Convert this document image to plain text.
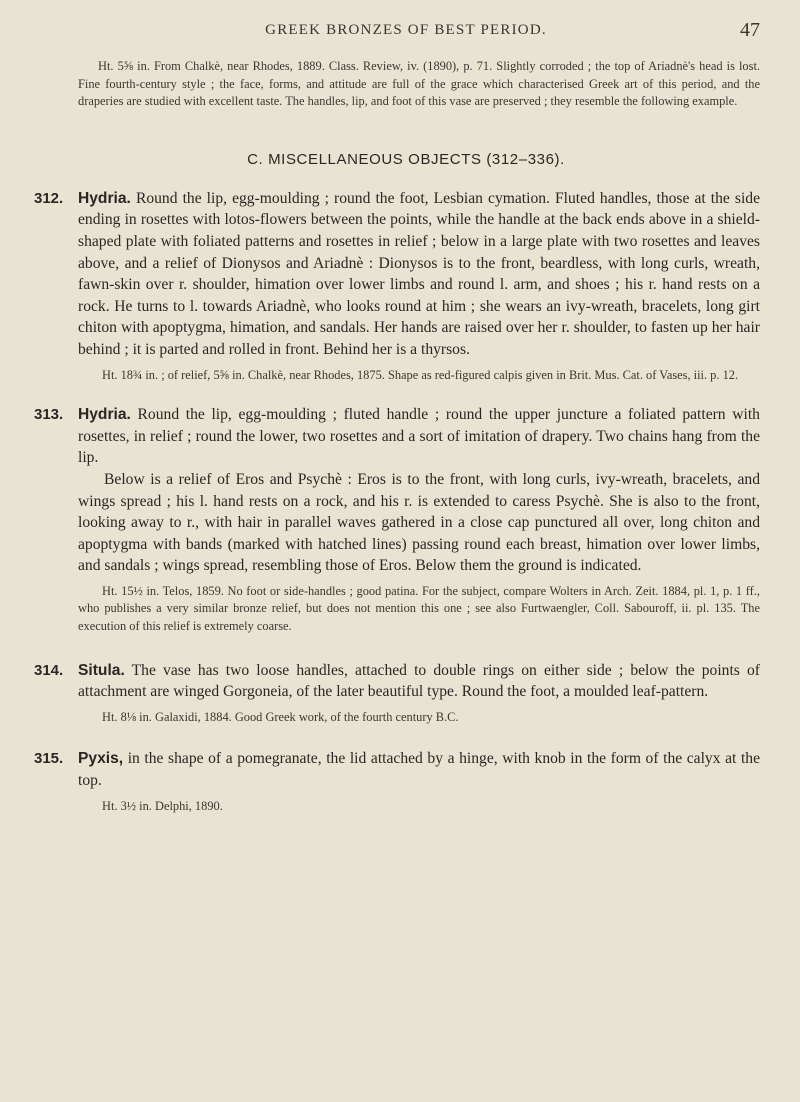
GREEK BRONZES OF BEST PERIOD.	47

Ht. 5⅝ in. From Chalkè, near Rhodes, 1889. Class. Review, iv. (1890), p. 71. Slightly corroded ; the top of Ariadnè's head is lost. Fine fourth-century style ; the face, forms, and attitude are full of the grace which characterised Greek art of this period, and the draperies are studied with excellent taste. The handles, lip, and foot of this vase are preserved ; they resemble the following example.

C. MISCELLANEOUS OBJECTS (312–336).

312. Hydria. Round the lip, egg-moulding ; round the foot, Lesbian cymation. Fluted handles, those at the side ending in rosettes with lotos-flowers between the points, while the handle at the back ends above in a shield-shaped plate with foliated patterns and rosettes in relief ; below in a large plate with two rosettes and leaves above, and a relief of Dionysos and Ariadnè : Dionysos is to the front, beardless, with long curls, wreath, fawn-skin over r. shoulder, himation over lower limbs and round l. arm, and shoes ; his r. hand rests on a rock. He turns to l. towards Ariadnè, who looks round at him ; she wears an ivy-wreath, bracelets, long girt chiton with apoptygma, himation, and sandals. Her hands are raised over her r. shoulder, to fasten up her hair behind ; it is parted and rolled in front. Behind her is a thyrsos.

Ht. 18¾ in. ; of relief, 5⅝ in. Chalkè, near Rhodes, 1875. Shape as red-figured calpis given in Brit. Mus. Cat. of Vases, iii. p. 12.

313. Hydria. Round the lip, egg-moulding ; fluted handle ; round the upper juncture a foliated pattern with rosettes, in relief ; round the lower, two rosettes and a sort of imitation of drapery. Two chains hang from the lip.
Below is a relief of Eros and Psychè : Eros is to the front, with long curls, ivy-wreath, bracelets, and wings spread ; his l. hand rests on a rock, and his r. is extended to caress Psychè. She is also to the front, looking away to r., with hair in parallel waves gathered in a close cap punctured all over, long chiton and apoptygma with bands (marked with hatched lines) passing round each breast, himation over lower limbs, and sandals ; wings spread, resembling those of Eros. Below them the ground is indicated.

Ht. 15½ in. Telos, 1859. No foot or side-handles ; good patina. For the subject, compare Wolters in Arch. Zeit. 1884, pl. 1, p. 1 ff., who publishes a very similar bronze relief, but does not mention this one ; see also Furtwaengler, Coll. Sabouroff, ii. pl. 135. The execution of this relief is extremely coarse.

314. Situla. The vase has two loose handles, attached to double rings on either side ; below the points of attachment are winged Gorgoneia, of the later beautiful type. Round the foot, a moulded leaf-pattern.

Ht. 8⅛ in. Galaxidi, 1884. Good Greek work, of the fourth century B.C.

315. Pyxis, in the shape of a pomegranate, the lid attached by a hinge, with knob in the form of the calyx at the top.

Ht. 3½ in. Delphi, 1890.
